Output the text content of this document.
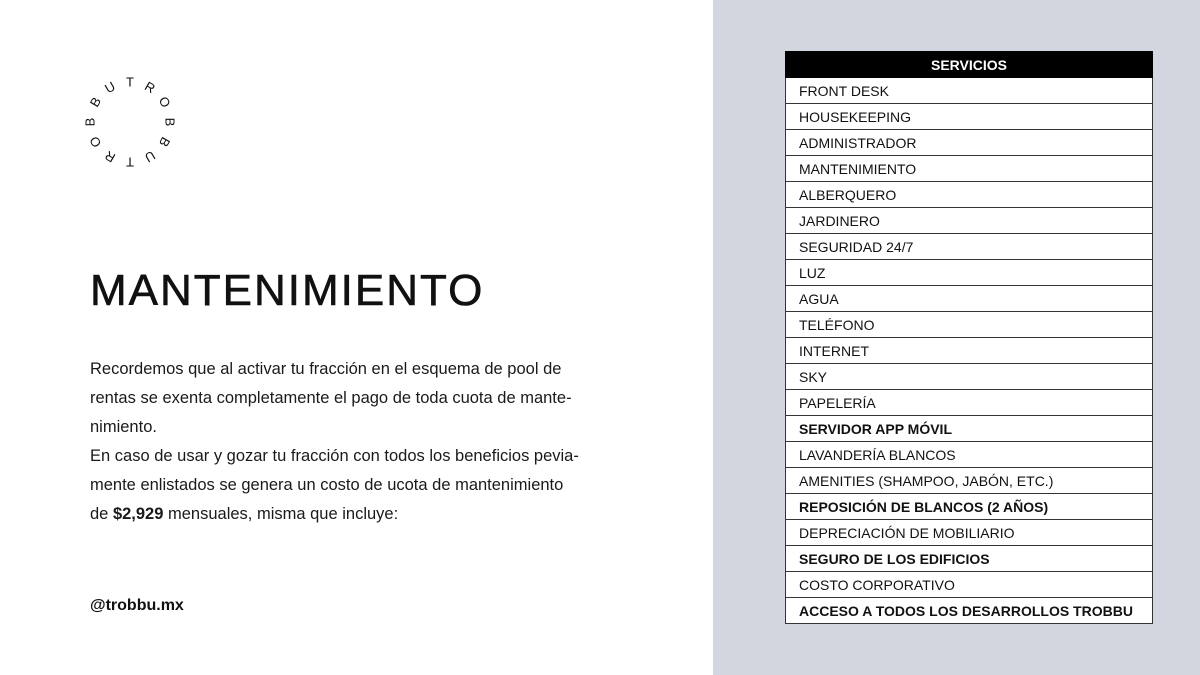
T R
O
B
B
U
T
R
O
B
B
U
MANTENIMIENTO

Recordemos que al activar tu fracción en el esquema de pool de
rentas se exenta completamente el pago de toda cuota de mante-
nimiento.

En caso de usar y gozar tu fracción con todos los beneficios pevia-
mente enlistados se genera un costo de ucota de mantenimiento
de $2,929 mensuales, misma que incluye:

@trobbu.mx
SERVICIOS
FRONT DESK
HOUSEKEEPING
ADMINISTRADOR
MANTENIMIENTO
ALBERQUERO
JARDINERO
SEGURIDAD 24/7
LUZ
AGUA
TELÉFONO
INTERNET
SKY
PAPELERÍA
SERVIDOR APP MÓVIL
LAVANDERÍA BLANCOS
AMENITIES (SHAMPOO, JABÓN, ETC.)
REPOSICIÓN DE BLANCOS (2 AÑOS)
DEPRECIACIÓN DE MOBILIARIO
SEGURO DE LOS EDIFICIOS
COSTO CORPORATIVO
ACCESO A TODOS LOS DESARROLLOS TROBBU
